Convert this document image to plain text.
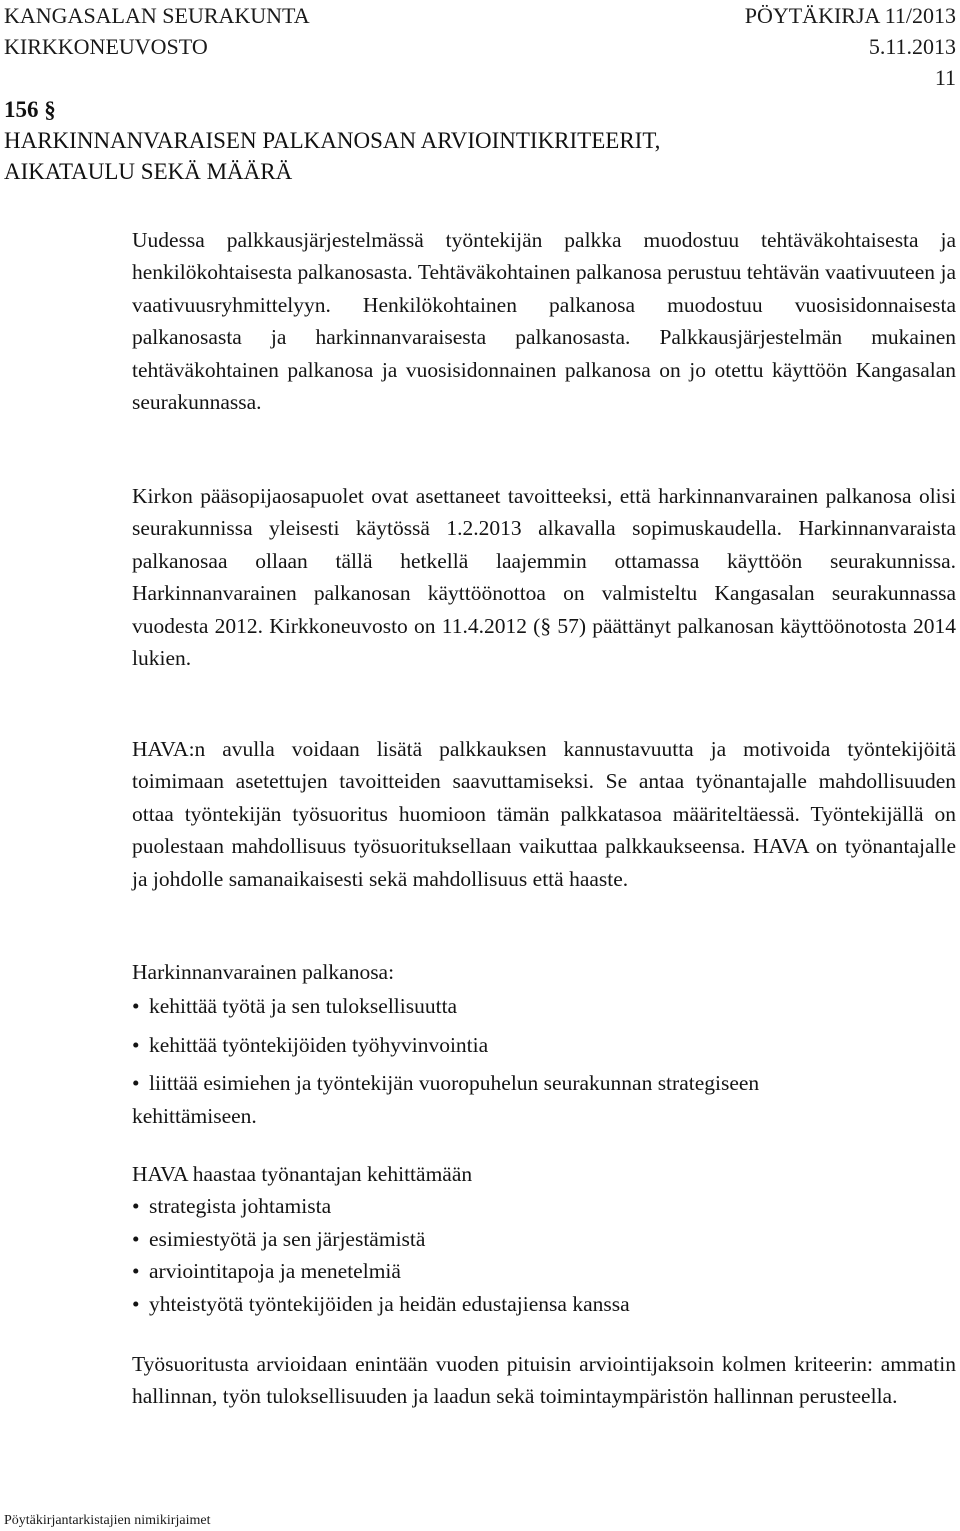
KANGASALAN SEURAKUNTA	PÖYTÄKIRJA 11/2013
KIRKKONEUVOSTO	5.11.2013
11
156 §
HARKINNANVARAISEN PALKANOSAN ARVIOINTIKRITEERIT,
AIKATAULU SEKÄ MÄÄRÄ

Uudessa palkkausjärjestelmässä työntekijän palkka muodostuu tehtäväkohtaisesta ja henkilökohtaisesta palkanosasta. Tehtäväkohtainen palkanosa perustuu tehtävän vaativuuteen ja vaativuusryhmittelyyn. Henkilökohtainen palkanosa muodostuu vuosisidonnaisesta palkanosasta ja harkinnanvaraisesta palkanosasta. Palkkausjärjestelmän mukainen tehtäväkohtainen palkanosa ja vuosisidonnainen palkanosa on jo otettu käyttöön Kangasalan seurakunnassa.

Kirkon pääsopijaosapuolet ovat asettaneet tavoitteeksi, että harkinnanvarainen palkanosa olisi seurakunnissa yleisesti käytössä 1.2.2013 alkavalla sopimuskaudella. Harkinnanvaraista palkanosaa ollaan tällä hetkellä laajemmin ottamassa käyttöön seurakunnissa. Harkinnanvarainen palkanosan käyttöönottoa on valmisteltu Kangasalan seurakunnassa vuodesta 2012. Kirkkoneuvosto on 11.4.2012 (§ 57) päättänyt palkanosan käyttöönotosta 2014 lukien.

HAVA:n avulla voidaan lisätä palkkauksen kannustavuutta ja motivoida työntekijöitä toimimaan asetettujen tavoitteiden saavuttamiseksi. Se antaa työnantajalle mahdollisuuden ottaa työntekijän työsuoritus huomioon tämän palkkatasoa määriteltäessä. Työntekijällä on puolestaan mahdollisuus työsuorituksellaan vaikuttaa palkkaukseensa. HAVA on työnantajalle ja johdolle samanaikaisesti sekä mahdollisuus että haaste.

Harkinnanvarainen palkanosa:

• kehittää työtä ja sen tuloksellisuutta
• kehittää työntekijöiden työhyvinvointia
• liittää esimiehen ja työntekijän vuoropuhelun seurakunnan strategiseen
kehittämiseen.

HAVA haastaa työnantajan kehittämään

• strategista johtamista
• esimiestyötä ja sen järjestämistä
• arviointitapoja ja menetelmiä
• yhteistyötä työntekijöiden ja heidän edustajiensa kanssa

Työsuoritusta arvioidaan enintään vuoden pituisin arviointijaksoin kolmen kriteerin: ammatin hallinnan, työn tuloksellisuuden ja laadun sekä toimintaympäristön hallinnan perusteella.

Pöytäkirjantarkistajien nimikirjaimet
